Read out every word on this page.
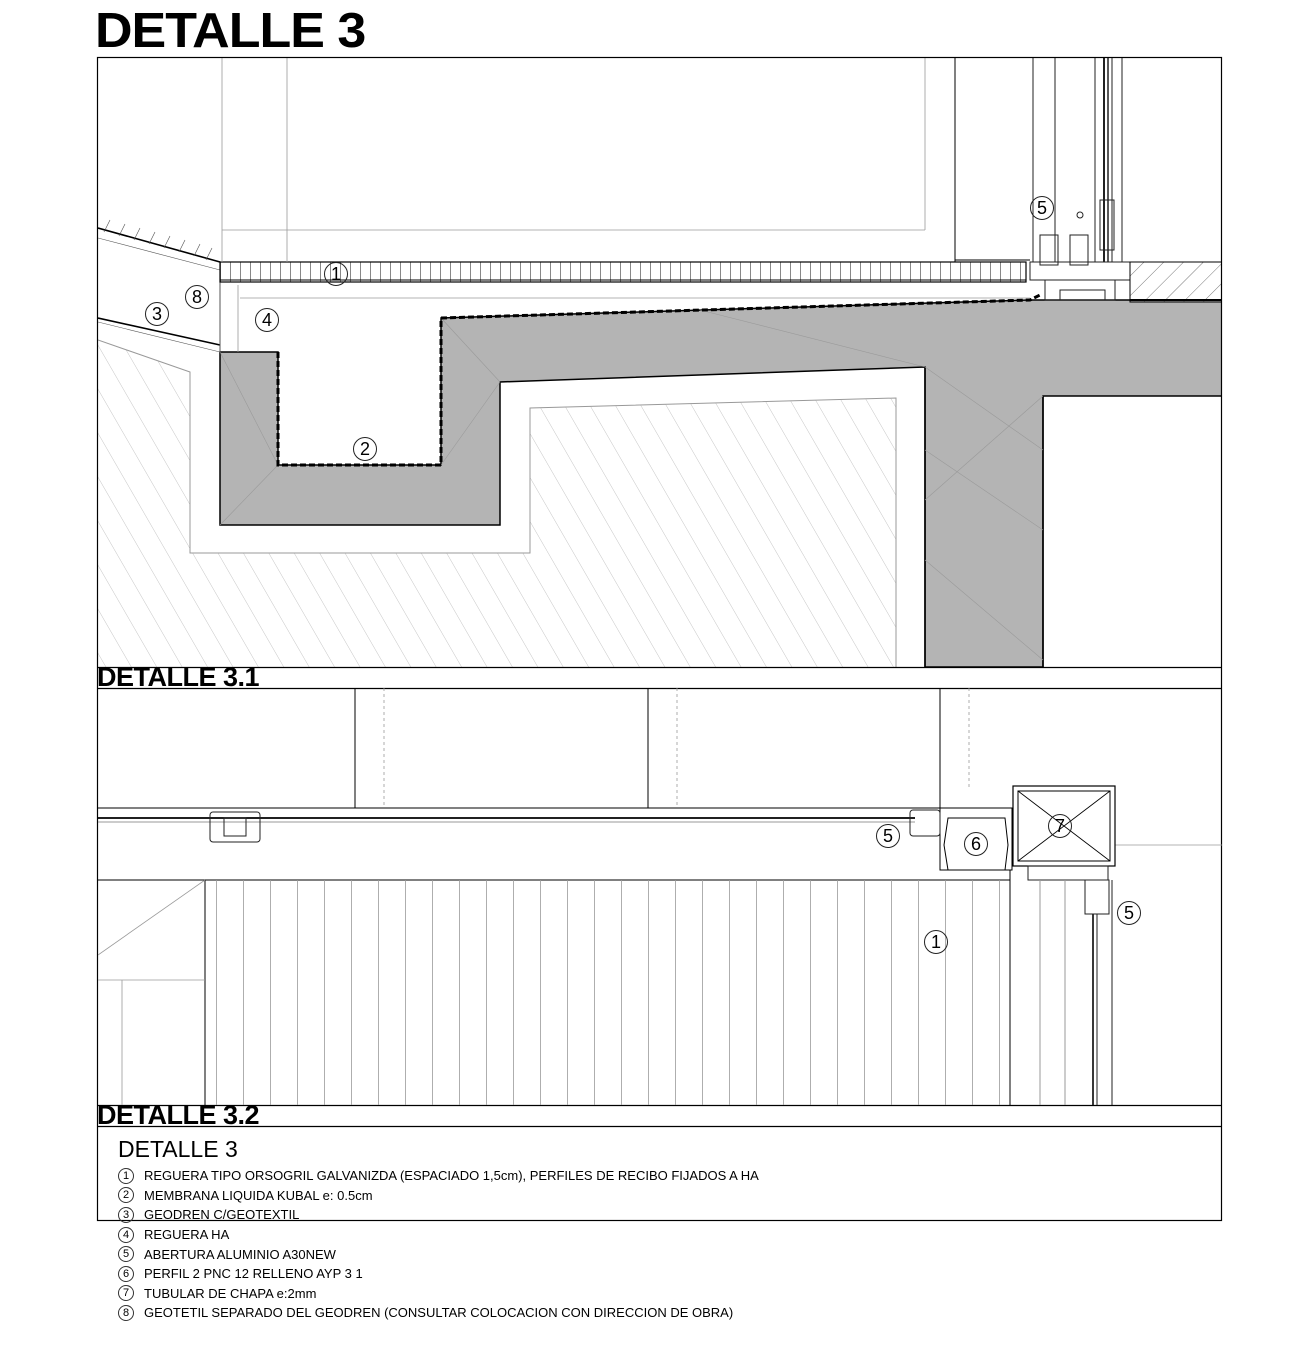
DETALLE 3
DETALLE 3.1
DETALLE 3.2
1
2
3	4
5
8
5	6
7
1
5
DETALLE 3
1	REGUERA TIPO ORSOGRIL GALVANIZDA (ESPACIADO 1,5cm), PERFILES DE RECIBO FIJADOS A HA
2	MEMBRANA LIQUIDA KUBAL e: 0.5cm
3	GEODREN C/GEOTEXTIL
4	REGUERA HA
5	ABERTURA ALUMINIO A30NEW
6	PERFIL 2 PNC 12 RELLENO AYP 3 1
7	TUBULAR DE CHAPA e:2mm
8	GEOTETIL SEPARADO DEL GEODREN (CONSULTAR COLOCACION CON DIRECCION DE OBRA)
